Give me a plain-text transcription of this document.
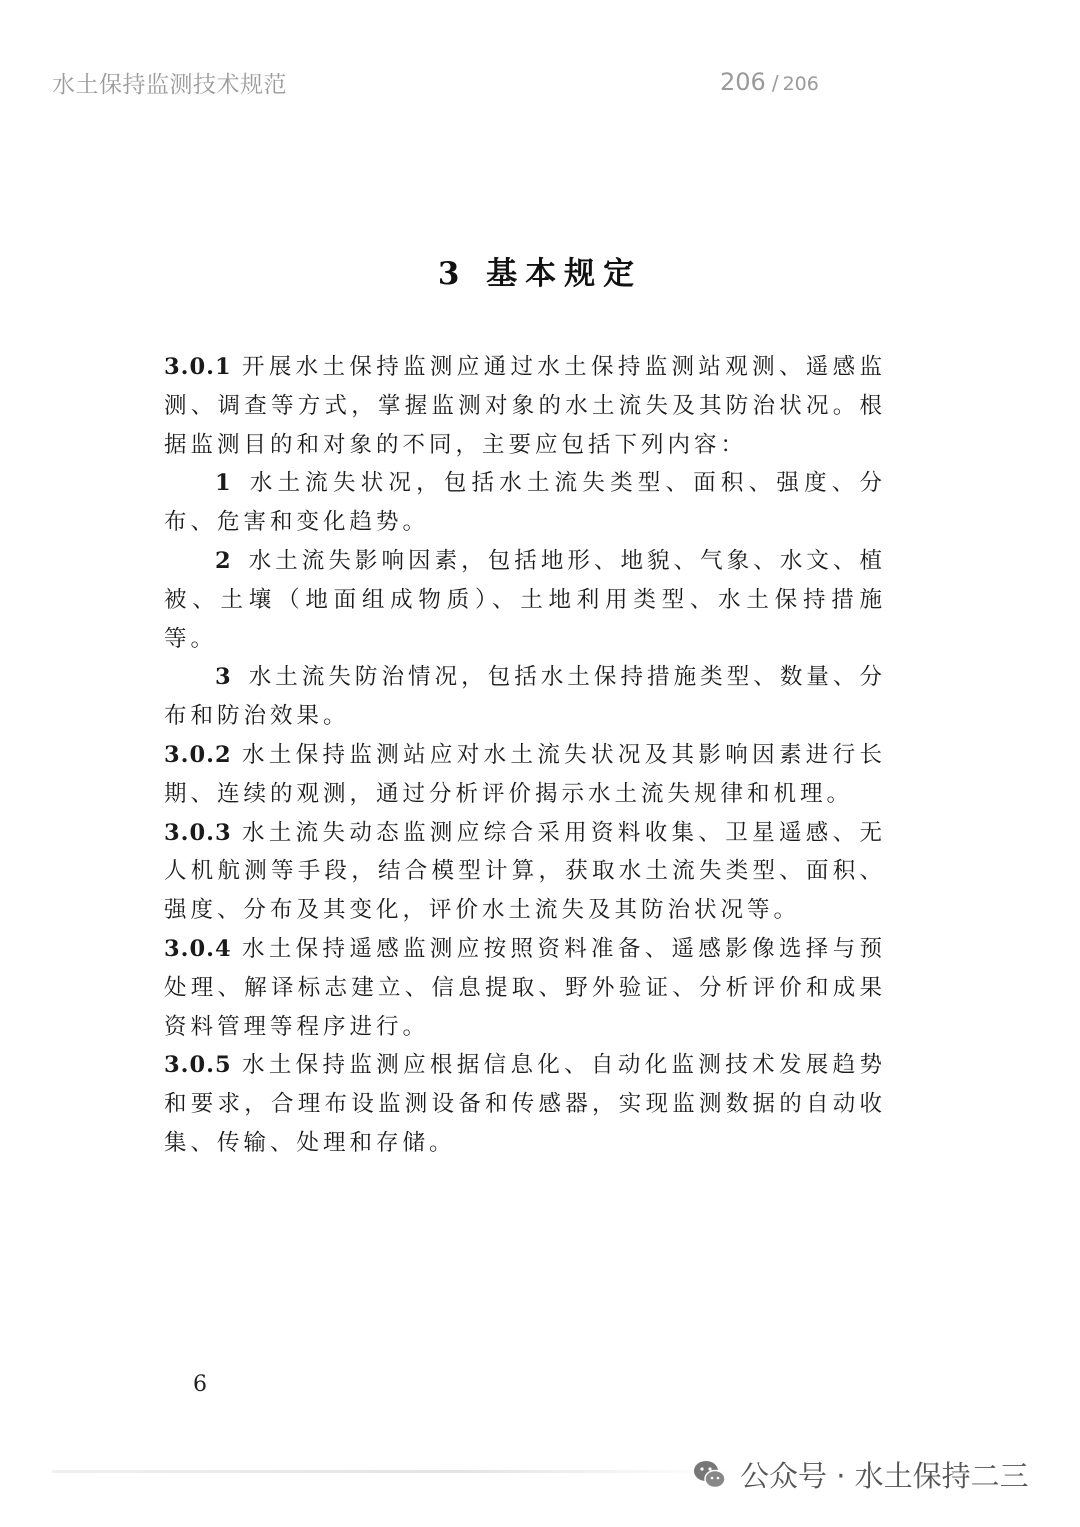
水土保持监测技术规范	206 / 206
3 基本规定

3.0.1 开展水土保持监测应通过水土保持监测站观测、遥感监测、调查等方式，掌握监测对象的水土流失及其防治状况。根据监测目的和对象的不同，主要应包括下列内容：

1 水土流失状况，包括水土流失类型、面积、强度、分布、危害和变化趋势。

2 水土流失影响因素，包括地形、地貌、气象、水文、植被、土壤（地面组成物质）、土地利用类型、水土保持措施等。

3 水土流失防治情况，包括水土保持措施类型、数量、分布和防治效果。

3.0.2 水土保持监测站应对水土流失状况及其影响因素进行长期、连续的观测，通过分析评价揭示水土流失规律和机理。

3.0.3 水土流失动态监测应综合采用资料收集、卫星遥感、无人机航测等手段，结合模型计算，获取水土流失类型、面积、强度、分布及其变化，评价水土流失及其防治状况等。

3.0.4 水土保持遥感监测应按照资料准备、遥感影像选择与预处理、解译标志建立、信息提取、野外验证、分析评价和成果资料管理等程序进行。

3.0.5 水土保持监测应根据信息化、自动化监测技术发展趋势和要求，合理布设监测设备和传感器，实现监测数据的自动收集、传输、处理和存储。

6
公众号 · 水土保持二三
